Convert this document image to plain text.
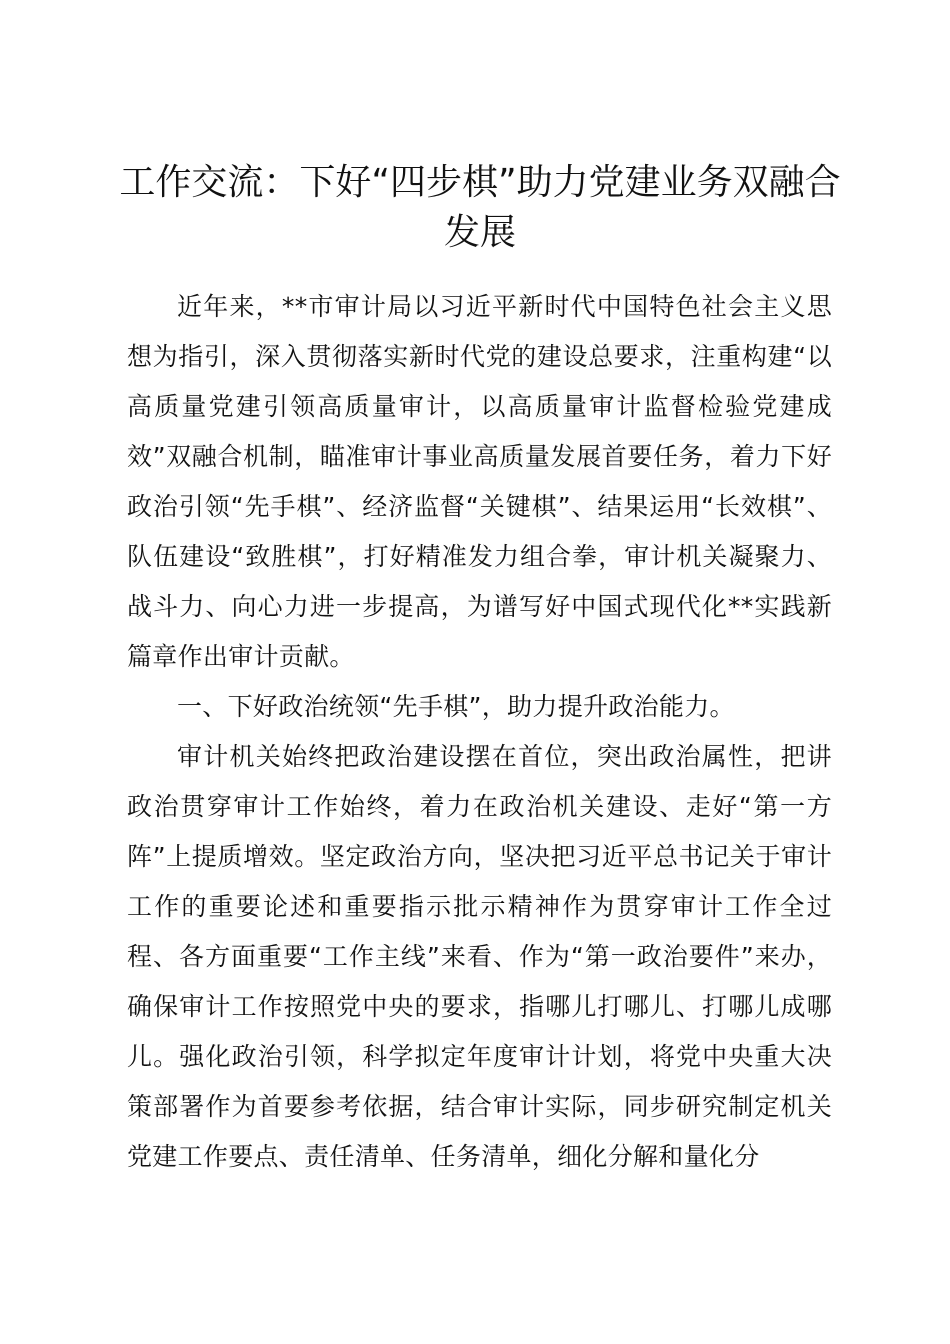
工作交流：下好“四步棋”助力党建业务双融合发展

近年来，**市审计局以习近平新时代中国特色社会主义思想为指引，深入贯彻落实新时代党的建设总要求，注重构建“以高质量党建引领高质量审计，以高质量审计监督检验党建成效”双融合机制，瞄准审计事业高质量发展首要任务，着力下好政治引领“先手棋”、经济监督“关键棋”、结果运用“长效棋”、队伍建设“致胜棋”，打好精准发力组合拳，审计机关凝聚力、战斗力、向心力进一步提高，为谱写好中国式现代化**实践新篇章作出审计贡献。

一、下好政治统领“先手棋”，助力提升政治能力。

审计机关始终把政治建设摆在首位，突出政治属性，把讲政治贯穿审计工作始终，着力在政治机关建设、走好“第一方阵”上提质增效。坚定政治方向，坚决把习近平总书记关于审计工作的重要论述和重要指示批示精神作为贯穿审计工作全过程、各方面重要“工作主线”来看、作为“第一政治要件”来办，确保审计工作按照党中央的要求，指哪儿打哪儿、打哪儿成哪儿。强化政治引领，科学拟定年度审计计划，将党中央重大决策部署作为首要参考依据，结合审计实际，同步研究制定机关党建工作要点、责任清单、任务清单，细化分解和量化分
